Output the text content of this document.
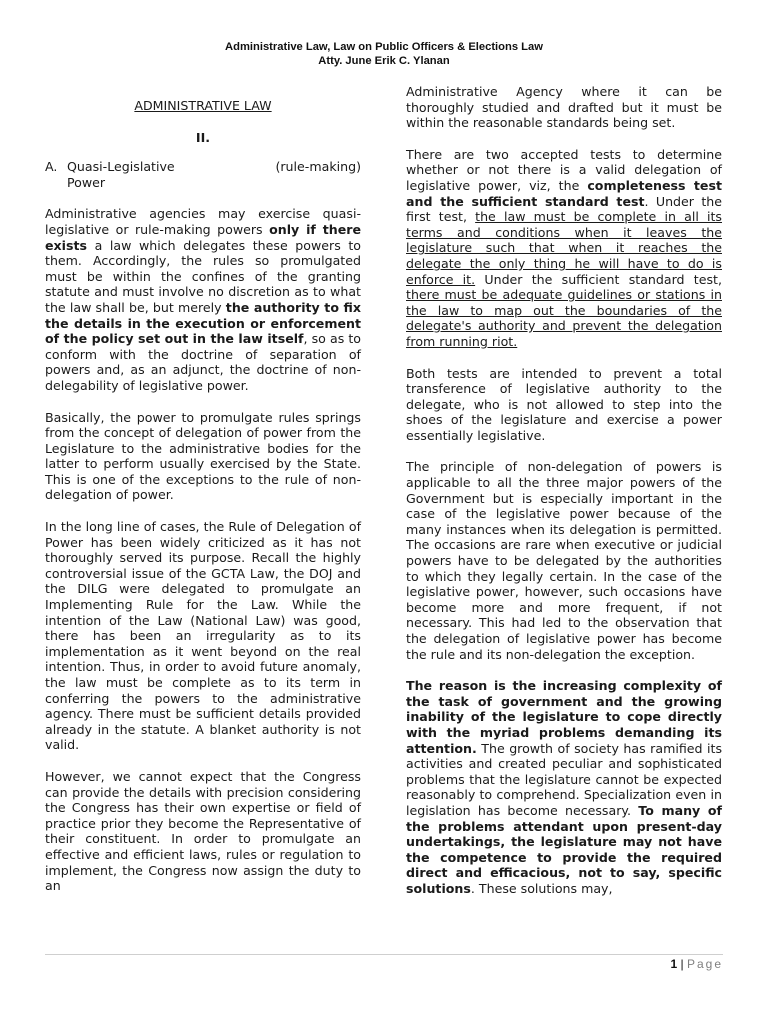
Administrative Law, Law on Public Officers & Elections Law
Atty. June Erik C. Ylanan
ADMINISTRATIVE LAW
II.
A. Quasi-Legislative	(rule-making)
Power

Administrative agencies may exercise quasi-legislative or rule-making powers only if there exists a law which delegates these powers to them. Accordingly, the rules so promulgated must be within the confines of the granting statute and must involve no discretion as to what the law shall be, but merely the authority to fix the details in the execution or enforcement of the policy set out in the law itself, so as to conform with the doctrine of separation of powers and, as an adjunct, the doctrine of non-delegability of legislative power.

Basically, the power to promulgate rules springs from the concept of delegation of power from the Legislature to the administrative bodies for the latter to perform usually exercised by the State. This is one of the exceptions to the rule of non-delegation of power.

In the long line of cases, the Rule of Delegation of Power has been widely criticized as it has not thoroughly served its purpose. Recall the highly controversial issue of the GCTA Law, the DOJ and the DILG were delegated to promulgate an Implementing Rule for the Law. While the intention of the Law (National Law) was good, there has been an irregularity as to its implementation as it went beyond on the real intention. Thus, in order to avoid future anomaly, the law must be complete as to its term in conferring the powers to the administrative agency. There must be sufficient details provided already in the statute. A blanket authority is not valid.

However, we cannot expect that the Congress can provide the details with precision considering the Congress has their own expertise or field of practice prior they become the Representative of their constituent. In order to promulgate an effective and efficient laws, rules or regulation to implement, the Congress now assign the duty to an

Administrative Agency where it can be thoroughly studied and drafted but it must be within the reasonable standards being set.

There are two accepted tests to determine whether or not there is a valid delegation of legislative power, viz, the completeness test and the sufficient standard test. Under the first test, the law must be complete in all its terms and conditions when it leaves the legislature such that when it reaches the delegate the only thing he will have to do is enforce it. Under the sufficient standard test, there must be adequate guidelines or stations in the law to map out the boundaries of the delegate's authority and prevent the delegation from running riot.

Both tests are intended to prevent a total transference of legislative authority to the delegate, who is not allowed to step into the shoes of the legislature and exercise a power essentially legislative.

The principle of non-delegation of powers is applicable to all the three major powers of the Government but is especially important in the case of the legislative power because of the many instances when its delegation is permitted. The occasions are rare when executive or judicial powers have to be delegated by the authorities to which they legally certain. In the case of the legislative power, however, such occasions have become more and more frequent, if not necessary. This had led to the observation that the delegation of legislative power has become the rule and its non-delegation the exception.

The reason is the increasing complexity of the task of government and the growing inability of the legislature to cope directly with the myriad problems demanding its attention. The growth of society has ramified its activities and created peculiar and sophisticated problems that the legislature cannot be expected reasonably to comprehend. Specialization even in legislation has become necessary. To many of the problems attendant upon present-day undertakings, the legislature may not have the competence to provide the required direct and efficacious, not to say, specific solutions. These solutions may,

1 | Page
